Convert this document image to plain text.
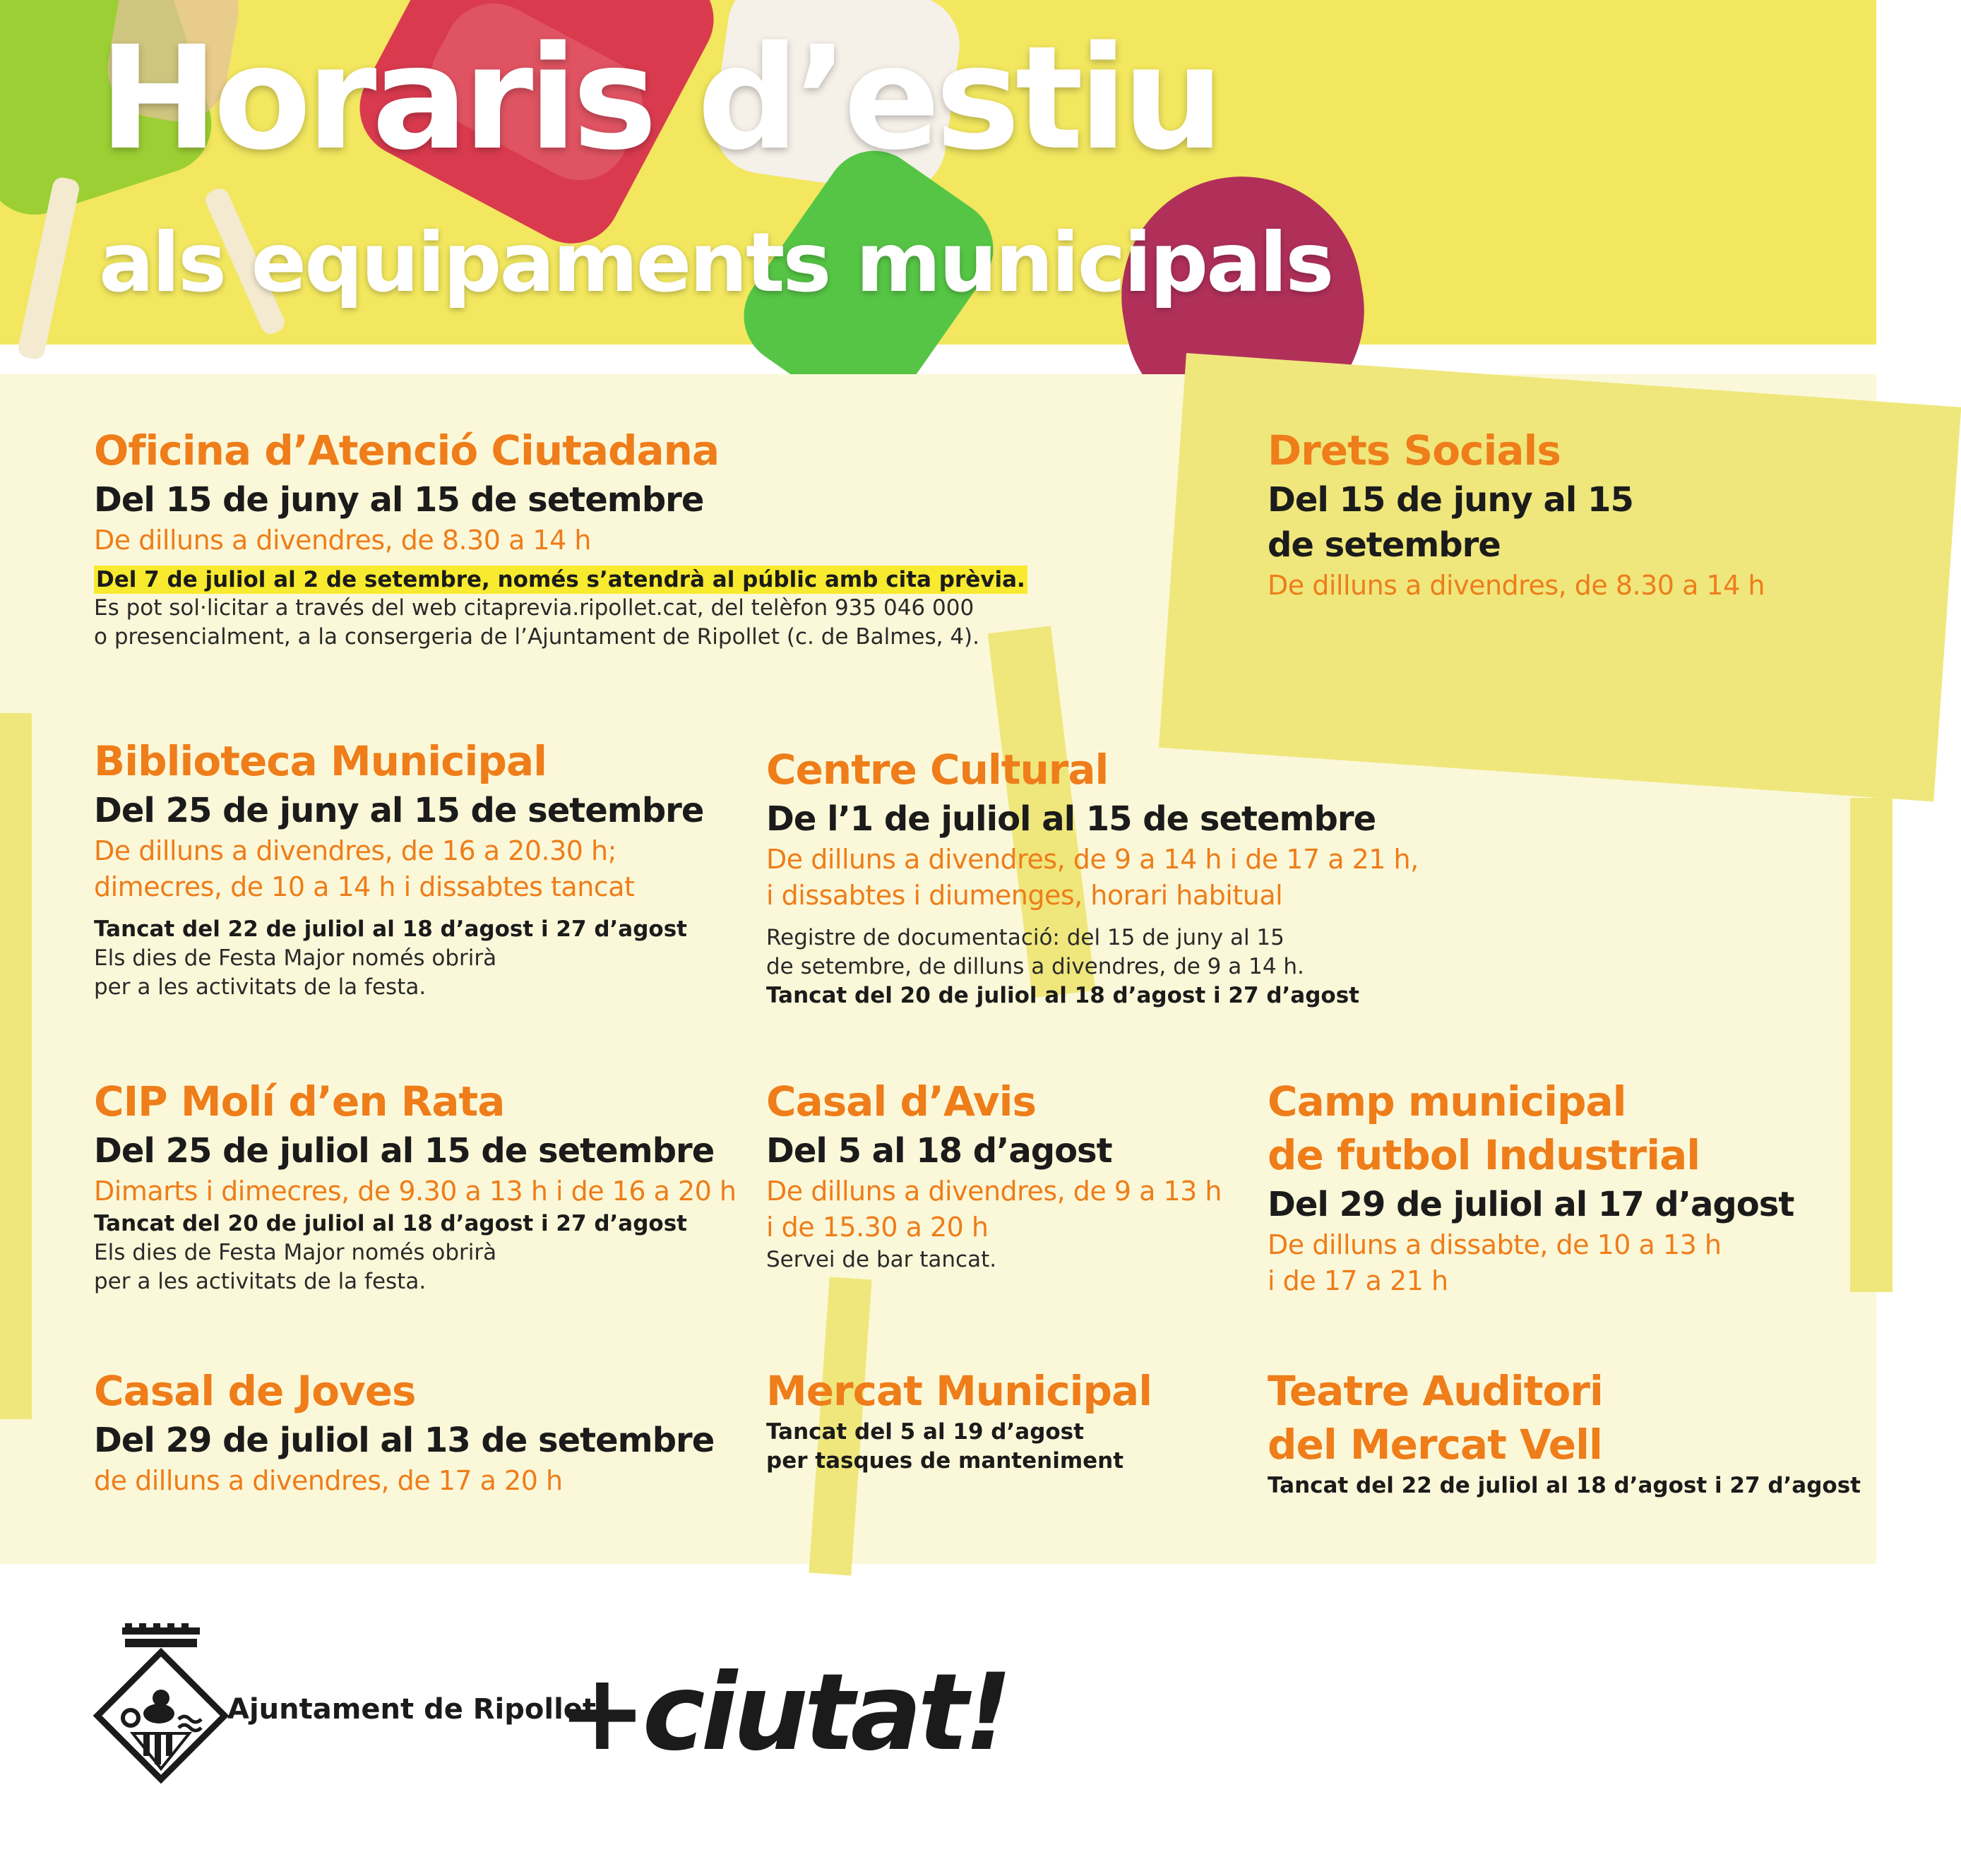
Horaris d’estiu
als equipaments municipals
Oficina d’Atenció Ciutadana
Del 15 de juny al 15 de setembre
De dilluns a divendres, de 8.30 a 14 h
Del 7 de juliol al 2 de setembre, només s’atendrà al públic amb cita prèvia.
Es pot sol·licitar a través del web citaprevia.ripollet.cat, del telèfon 935 046 000
o presencialment, a la consergeria de l’Ajuntament de Ripollet (c. de Balmes, 4).
Drets Socials
Del 15 de juny al 15
de setembre
De dilluns a divendres, de 8.30 a 14 h
Biblioteca Municipal
Del 25 de juny al 15 de setembre
De dilluns a divendres, de 16 a 20.30 h;
dimecres, de 10 a 14 h i dissabtes tancat
Tancat del 22 de juliol al 18 d’agost i 27 d’agost
Els dies de Festa Major només obrirà
per a les activitats de la festa.
Centre Cultural
De l’1 de juliol al 15 de setembre
De dilluns a divendres, de 9 a 14 h i de 17 a 21 h,
i dissabtes i diumenges, horari habitual
Registre de documentació: del 15 de juny al 15
de setembre, de dilluns a divendres, de 9 a 14 h.
Tancat del 20 de juliol al 18 d’agost i 27 d’agost
CIP Molí d’en Rata
Del 25 de juliol al 15 de setembre
Dimarts i dimecres, de 9.30 a 13 h i de 16 a 20 h
Tancat del 20 de juliol al 18 d’agost i 27 d’agost
Els dies de Festa Major només obrirà
per a les activitats de la festa.
Casal d’Avis
Del 5 al 18 d’agost
De dilluns a divendres, de 9 a 13 h
i de 15.30 a 20 h
Servei de bar tancat.
Camp municipal
de futbol Industrial
Del 29 de juliol al 17 d’agost
De dilluns a dissabte, de 10 a 13 h
i de 17 a 21 h
Casal de Joves
Del 29 de juliol al 13 de setembre
de dilluns a divendres, de 17 a 20 h
Mercat Municipal
Tancat del 5 al 19 d’agost
per tasques de manteniment
Teatre Auditori
del Mercat Vell
Tancat del 22 de juliol al 18 d’agost i 27 d’agost
Ajuntament de Ripollet
+ciutat!
